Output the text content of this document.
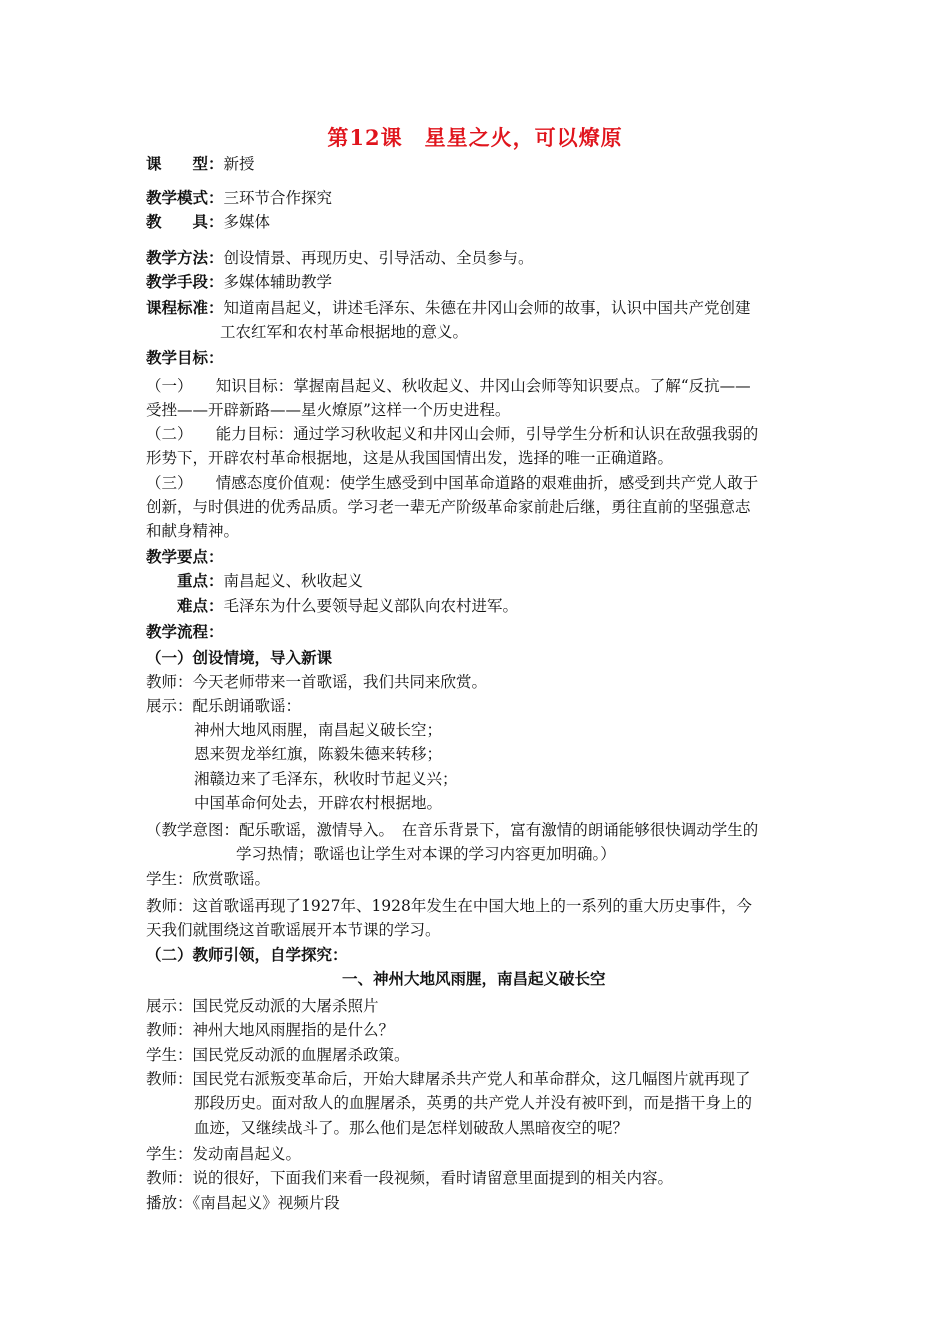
第12课　星星之火，可以燎原
课　　型：新授
教学模式：三环节合作探究
教　　具：多媒体
教学方法：创设情景、再现历史、引导活动、全员参与。
教学手段：多媒体辅助教学
课程标准：知道南昌起义，讲述毛泽东、朱德在井冈山会师的故事，认识中国共产党创建
工农红军和农村革命根据地的意义。
教学目标：
（一）　　知识目标：掌握南昌起义、秋收起义、井冈山会师等知识要点。了解“反抗——
受挫——开辟新路——星火燎原”这样一个历史进程。
（二）　　能力目标：通过学习秋收起义和井冈山会师，引导学生分析和认识在敌强我弱的
形势下，开辟农村革命根据地，这是从我国国情出发，选择的唯一正确道路。
（三）　　情感态度价值观：使学生感受到中国革命道路的艰难曲折，感受到共产党人敢于
创新，与时俱进的优秀品质。学习老一辈无产阶级革命家前赴后继，勇往直前的坚强意志
和献身精神。
教学要点：
重点：南昌起义、秋收起义
难点：毛泽东为什么要领导起义部队向农村进军。
教学流程：
（一）创设情境，导入新课
教师：今天老师带来一首歌谣，我们共同来欣赏。
展示：配乐朗诵歌谣：
神州大地风雨腥，南昌起义破长空；
恩来贺龙举红旗，陈毅朱德来转移；
湘赣边来了毛泽东，秋收时节起义兴；
中国革命何处去，开辟农村根据地。
（教学意图：配乐歌谣，激情导入。　在音乐背景下，富有激情的朗诵能够很快调动学生的
学习热情；歌谣也让学生对本课的学习内容更加明确。）
学生：欣赏歌谣。
教师：这首歌谣再现了1927年、1928年发生在中国大地上的一系列的重大历史事件，今
天我们就围绕这首歌谣展开本节课的学习。
（二）教师引领，自学探究：
一、神州大地风雨腥，南昌起义破长空
展示：国民党反动派的大屠杀照片
教师：神州大地风雨腥指的是什么？
学生：国民党反动派的血腥屠杀政策。
教师：国民党右派叛变革命后，开始大肆屠杀共产党人和革命群众，这几幅图片就再现了
那段历史。面对敌人的血腥屠杀，英勇的共产党人并没有被吓到，而是揩干身上的
血迹，又继续战斗了。那么他们是怎样划破敌人黑暗夜空的呢？
学生：发动南昌起义。
教师：说的很好，下面我们来看一段视频，看时请留意里面提到的相关内容。
播放：《南昌起义》视频片段
